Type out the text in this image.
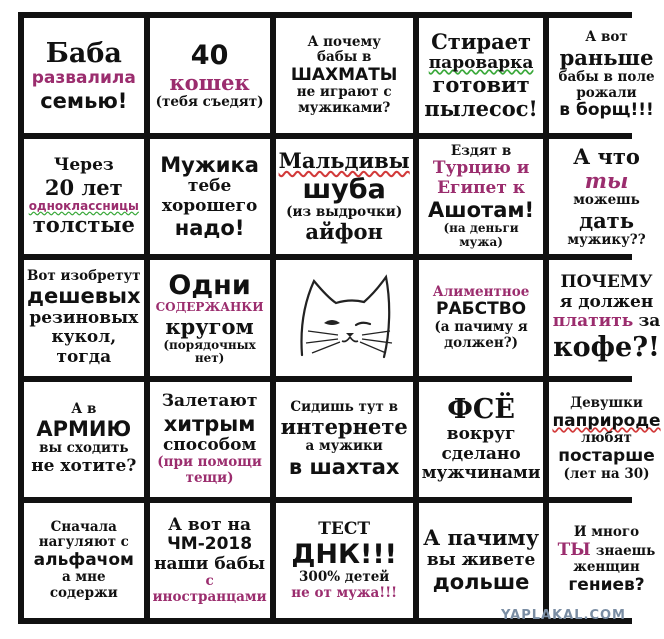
Баба
развалила
семью!
40
кошек
(тебя съедят)
А почему
бабы в
ШАХМАТЫ
не играют с
мужиками?
Стирает
пароварка
готовит
пылесос!
А вот
раньше
бабы в поле
рожали
в борщ!!!
Через
20 лет
одноклассницы
толстые
Мужика
тебе
хорошего
надо!
Мальдивы
шуба
(из выдрочки)
айфон
Ездят в
Турцию и
Египет к
Ашотам!
(на деньги мужа)
А что ты
можешь
дать
мужику??
Вот изобретут
дешевых
резиновых
кукол, тогда
Одни
СОДЕРЖАНКИ
кругом
(порядочных
нет)
Алиментное
РАБСТВО
(а пачиму я
должен?)
ПОЧЕМУ
я должен
платить за
кофе?!
А в
АРМИЮ
вы сходить
не хотите?
Залетают
хитрым
способом
(при помощи
тещи)
Сидишь тут в
интернете
а мужики
в шахтах
ФСЁ
вокруг
сделано
мужчинами
Девушки
паприроде
любят
постарше
(лет на 30)
Сначала
нагуляют с
альфачом
а мне содержи
А вот на
ЧМ-2018
наши бабы
с иностранцами
ТЕСТ
ДНК!!!
300% детей
не от мужа!!!
А пачиму
вы живете
дольше
И много
ТЫ знаешь
женщин
гениев?
YAPLAKAL.COM
